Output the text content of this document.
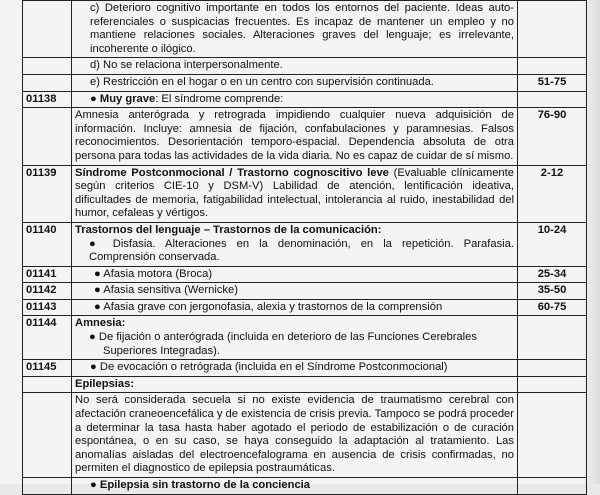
	c) Deterioro cognitivo importante en todos los entornos del paciente. Ideas auto-referenciales o suspicacias frecuentes. Es incapaz de mantener un empleo y no mantiene relaciones sociales. Alteraciones graves del lenguaje; es irrelevante, incoherente o ilógico.	
	d) No se relaciona interpersonalmente.	
	e) Restricción en el hogar o en un centro con supervisión continuada.	51-75
01138	● Muy grave: El síndrome comprende:	
	Amnesia anterógrada y retrograda impidiendo cualquier nueva adquisición de información. Incluye: amnesia de fijación, confabulaciones y paramnesias. Falsos reconocimientos. Desorientación temporo-espacial. Dependencia absoluta de otra persona para todas las actividades de la vida diaria. No es capaz de cuidar de sí mismo.	76-90
01139	Síndrome Postconmocional / Trastorno cognoscitivo leve (Evaluable clínicamente según criterios CIE-10 y DSM-V) Labilidad de atención, lentificación ideativa, dificultades de memoria, fatigabilidad intelectual, intolerancia al ruido, inestabilidad del humor, cefaleas y vértigos.	2-12
01140	Trastornos del lenguaje – Trastornos de la comunicación:
● Disfasia. Alteraciones en la denominación, en la repetición. Parafasia. Comprensión conservada.	10-24
01141	● Afasia motora (Broca)	25-34
01142	● Afasia sensitiva (Wernicke)	35-50
01143	● Afasia grave con jergonofasia, alexia y trastornos de la comprensión	60-75
01144	Amnesia:
● De fijación o anterógrada (incluida en deterioro de las Funciones Cerebrales Superiores Integradas).	

01145	● De evocación o retrógrada (incluida en el Síndrome Postconmocional)	
	Epilepsias:	
	No será considerada secuela si no existe evidencia de traumatismo cerebral con afectación craneoencefálica y de existencia de crisis previa. Tampoco se podrá proceder a determinar la tasa hasta haber agotado el periodo de estabilización o de curación espontánea, o en su caso, se haya conseguido la adaptación al tratamiento. Las anomalías aisladas del electroencefalograma en ausencia de crisis confirmadas, no permiten el diagnostico de epilepsia postraumáticas.	
	● Epilepsia sin trastorno de la conciencia	
